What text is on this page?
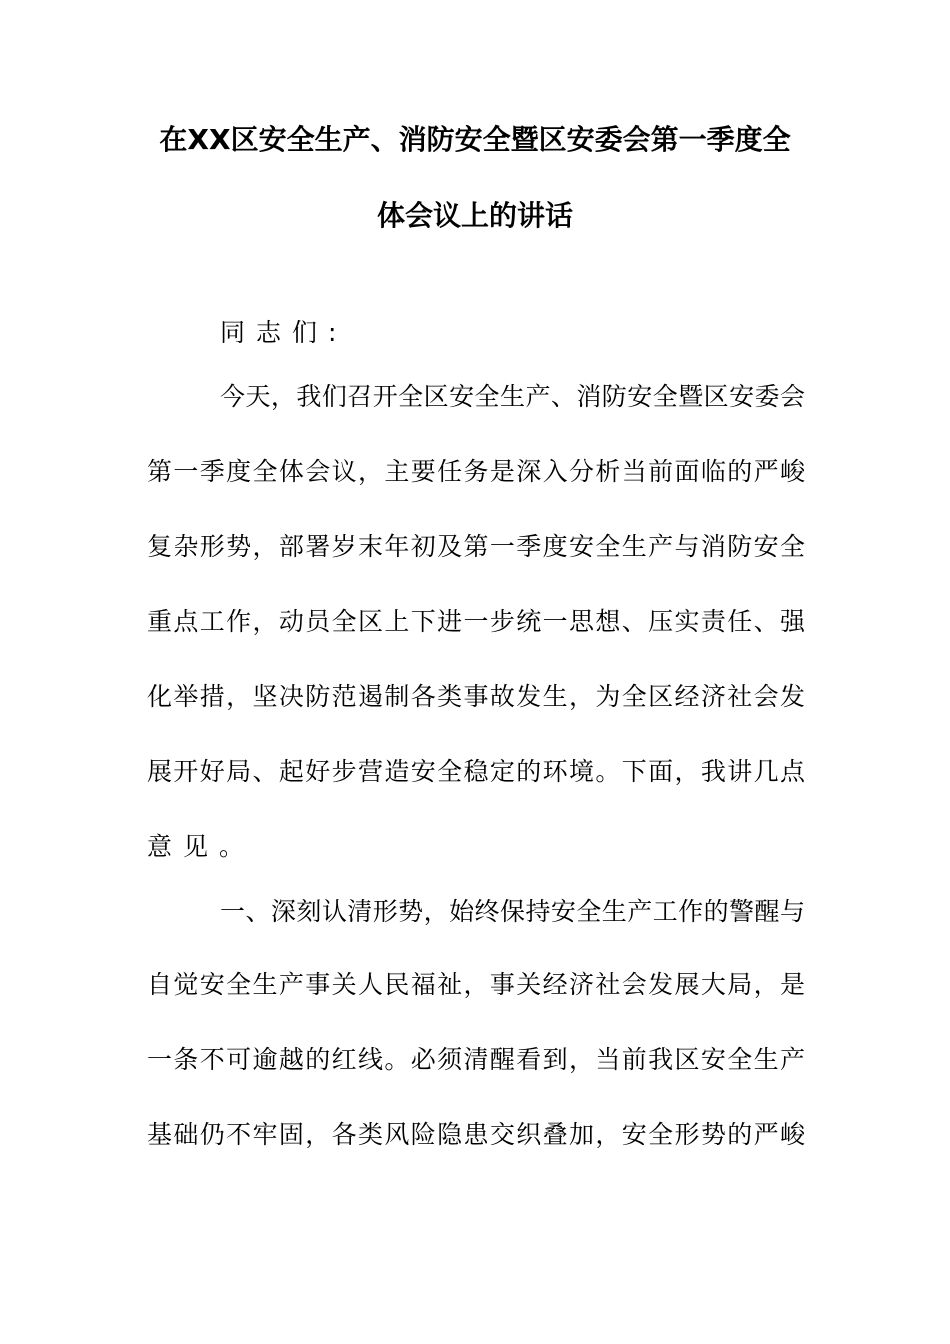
在XX区安全生产、消防安全暨区安委会第一季度全
体会议上的讲话
同志们:
今天，我们召开全区安全生产、消防安全暨区安委会
第一季度全体会议，主要任务是深入分析当前面临的严峻
复杂形势，部署岁末年初及第一季度安全生产与消防安全
重点工作，动员全区上下进一步统一思想、压实责任、强
化举措，坚决防范遏制各类事故发生，为全区经济社会发
展开好局、起好步营造安全稳定的环境。下面，我讲几点
意见。
一、深刻认清形势，始终保持安全生产工作的警醒与
自觉安全生产事关人民福祉，事关经济社会发展大局，是
一条不可逾越的红线。必须清醒看到，当前我区安全生产
基础仍不牢固，各类风险隐患交织叠加，安全形势的严峻
